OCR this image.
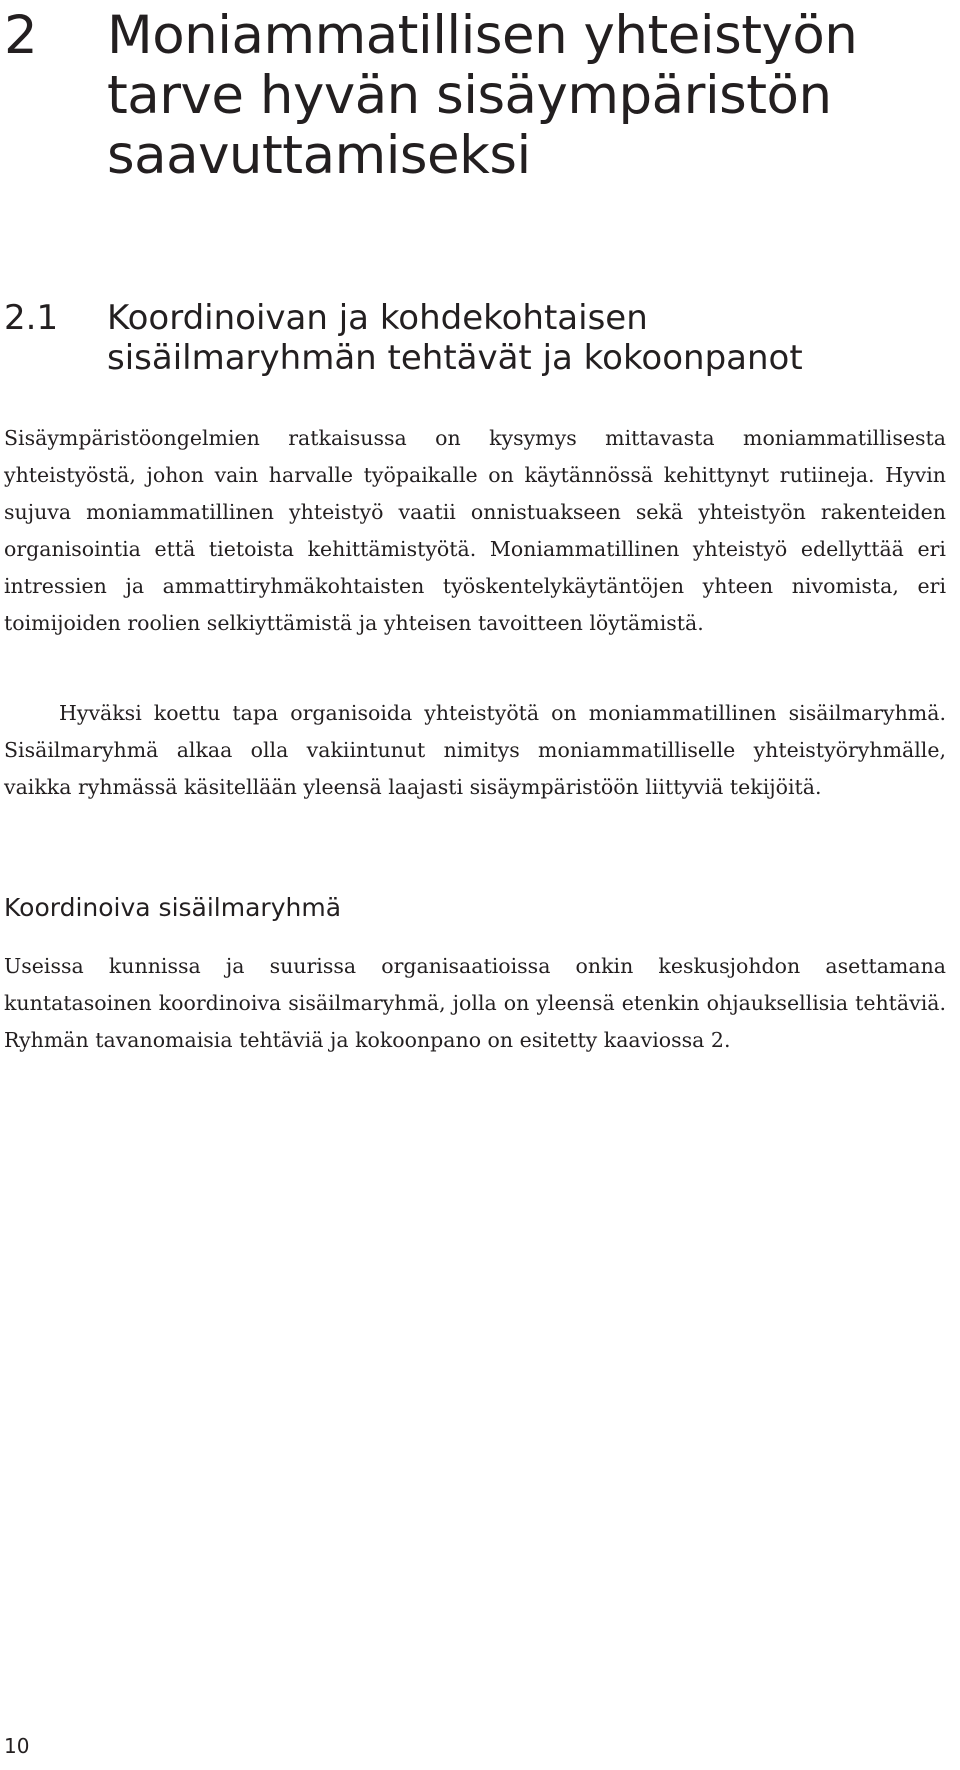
2 Moniammatillisen yhteistyön tarve hyvän sisäympäristön saavuttamiseksi
2.1 Koordinoivan ja kohdekohtaisen sisäilmaryhmän tehtävät ja kokoonpanot

Sisäympäristöongelmien ratkaisussa on kysymys mittavasta moniammatillisesta yhteistyöstä, johon vain harvalle työpaikalle on käytännössä kehittynyt rutiineja. Hyvin sujuva moniammatillinen yhteistyö vaatii onnistuakseen sekä yhteistyön rakenteiden organisointia että tietoista kehittämistyötä. Moniammatillinen yhteistyö edellyttää eri intressien ja ammattiryhmäkohtaisten työskentelykäytäntöjen yhteen nivomista, eri toimijoiden roolien selkiyttämistä ja yhteisen tavoitteen löytämistä.

Hyväksi koettu tapa organisoida yhteistyötä on moniammatillinen sisäilmaryhmä. Sisäilmaryhmä alkaa olla vakiintunut nimitys moniammatilliselle yhteistyöryhmälle, vaikka ryhmässä käsitellään yleensä laajasti sisäympäristöön liittyviä tekijöitä.

Koordinoiva sisäilmaryhmä

Useissa kunnissa ja suurissa organisaatioissa onkin keskusjohdon asettamana kuntatasoinen koordinoiva sisäilmaryhmä, jolla on yleensä etenkin ohjauksellisia tehtäviä. Ryhmän tavanomaisia tehtäviä ja kokoonpano on esitetty kaaviossa 2.

10
